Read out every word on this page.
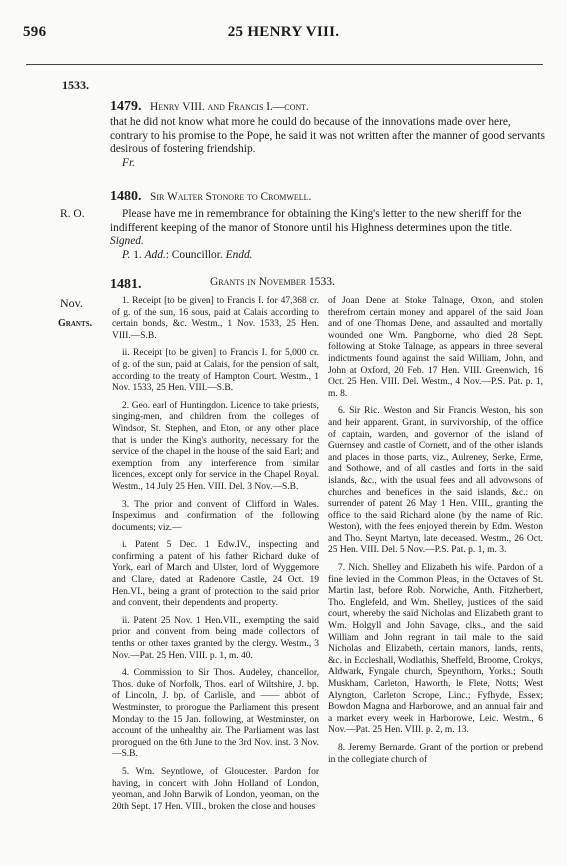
596	25 HENRY VIII.
1533.
1479. Henry VIII. and Francis I.—cont.

that he did not know what more he could do because of the innovations made over here, contrary to his promise to the Pope, he said it was not written after the manner of good servants desirous of fostering friendship.

Fr.

R. O.
1480. Sir Walter Stonore to Cromwell.

Please have me in remembrance for obtaining the King's letter to the new sheriff for the indifferent keeping of the manor of Stonore until his Highness determines upon the title. Signed.

P. 1. Add.: Councillor. Endd.

1481.	Grants in November 1533.
Nov.
Grants.

1. Receipt [to be given] to Francis I. for 47,368 cr. of g. of the sun, 16 sous, paid at Calais according to certain bonds, &c. Westm., 1 Nov. 1533, 25 Hen. VIII.—S.B.

ii. Receipt [to be given] to Francis I. for 5,000 cr. of g. of the sun, paid at Calais, for the pension of salt, according to the treaty of Hampton Court. Westm., 1 Nov. 1533, 25 Hen. VIII.—S.B.

2. Geo. earl of Huntingdon. Licence to take priests, singing-men, and children from the colleges of Windsor, St. Stephen, and Eton, or any other place that is under the King's authority, necessary for the service of the chapel in the house of the said Earl; and exemption from any interference from similar licences, except only for service in the Chapel Royal. Westm., 14 July 25 Hen. VIII. Del. 3 Nov.—S.B.

3. The prior and convent of Clifford in Wales. Inspeximus and confirmation of the following documents; viz.—

i. Patent 5 Dec. 1 Edw.IV., inspecting and confirming a patent of his father Richard duke of York, earl of March and Ulster, lord of Wyggemore and Clare, dated at Radenore Castle, 24 Oct. 19 Hen.VI., being a grant of protection to the said prior and convent, their dependents and property.

ii. Patent 25 Nov. 1 Hen.VII., exempting the said prior and convent from being made collectors of tenths or other taxes granted by the clergy. Westm., 3 Nov.—Pat. 25 Hen. VIII. p. 1, m. 40.

4. Commission to Sir Thos. Audeley, chancellor, Thos. duke of Norfolk, Thos. earl of Wiltshire, J. bp. of Lincoln, J. bp. of Carlisle, and —— abbot of Westminster, to prorogue the Parliament this present Monday to the 15 Jan. following, at Westminster, on account of the unhealthy air. The Parliament was last prorogued on the 6th June to the 3rd Nov. inst. 3 Nov.—S.B.

5. Wm. Seyntlowe, of Gloucester. Pardon for having, in concert with John Holland of London, yeoman, and John Barwik of London, yeoman, on the 20th Sept. 17 Hen. VIII., broken the close and houses

of Joan Dene at Stoke Talnage, Oxon, and stolen therefrom certain money and apparel of the said Joan and of one Thomas Dene, and assaulted and mortally wounded one Wm. Pangborne, who died 28 Sept. following at Stoke Talnage, as appears in three several indictments found against the said William, John, and John at Oxford, 20 Feb. 17 Hen. VIII. Greenwich, 16 Oct. 25 Hen. VIII. Del. Westm., 4 Nov.—P.S. Pat. p. 1, m. 8.

6. Sir Ric. Weston and Sir Francis Weston, his son and heir apparent. Grant, in survivorship, of the office of captain, warden, and governor of the island of Guernsey and castle of Cornett, and of the other islands and places in those parts, viz., Aulreney, Serke, Erme, and Sothowe, and of all castles and forts in the said islands, &c., with the usual fees and all advowsons of churches and benefices in the said islands, &c.: on surrender of patent 26 May 1 Hen. VIII., granting the office to the said Richard alone (by the name of Ric. Weston), with the fees enjoyed therein by Edm. Weston and Tho. Seynt Martyn, late deceased. Westm., 26 Oct. 25 Hen. VIII. Del. 5 Nov.—P.S. Pat. p. 1, m. 3.

7. Nich. Shelley and Elizabeth his wife. Pardon of a fine levied in the Common Pleas, in the Octaves of St. Martin last, before Rob. Norwiche, Anth. Fitzherbert, Tho. Englefeld, and Wm. Shelley, justices of the said court, whereby the said Nicholas and Elizabeth grant to Wm. Holgyll and John Savage, clks., and the said William and John regrant in tail male to the said Nicholas and Elizabeth, certain manors, lands, rents, &c. in Eccleshall, Wodlathis, Sheffeld, Broome, Crokys, Aldwark, Fyngale church, Speynthorn, Yorks.; South Muskham, Carleton, Haworth, le Flete, Notts; West Alyngton, Carleton Scrope, Linc.; Fyfhyde, Essex; Bowdon Magna and Harborowe, and an annual fair and a market every week in Harborowe, Leic. Westm., 6 Nov.—Pat. 25 Hen. VIII. p. 2, m. 13.

8. Jeremy Bernarde. Grant of the portion or prebend in the collegiate church of
